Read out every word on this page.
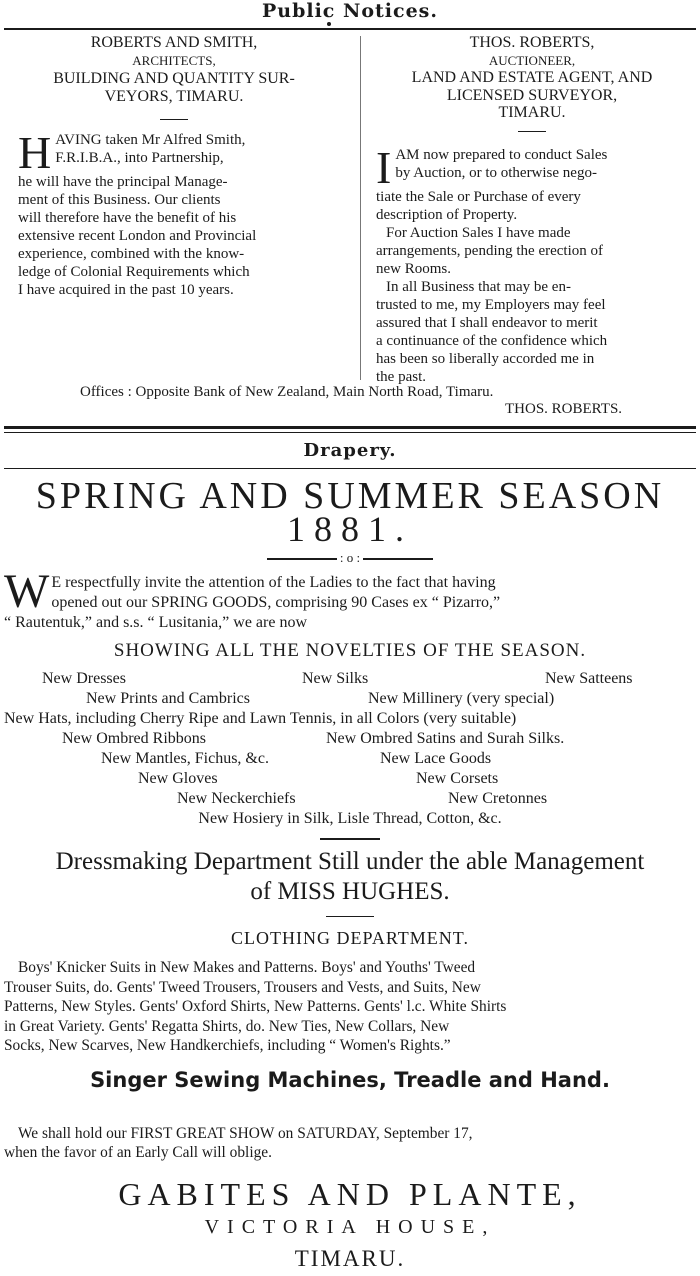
Public Notices.
ROBERTS AND SMITH,
ARCHITECTS,
BUILDING AND QUANTITY SUR-
VEYORS, TIMARU.
H AVING taken Mr Alfred Smith,
F.R.I.B.A., into Partnership,
he will have the principal Manage-
ment of this Business. Our clients
will therefore have the benefit of his
extensive recent London and Provincial
experience, combined with the know-
ledge of Colonial Requirements which
I have acquired in the past 10 years.
THOS. ROBERTS,
AUCTIONEER,
LAND AND ESTATE AGENT, AND
LICENSED SURVEYOR,
TIMARU.
I AM now prepared to conduct Sales
by Auction, or to otherwise nego-
tiate the Sale or Purchase of every
description of Property.
For Auction Sales I have made
arrangements, pending the erection of
new Rooms.
In all Business that may be en-
trusted to me, my Employers may feel
assured that I shall endeavor to merit
a continuance of the confidence which
has been so liberally accorded me in
the past.
Offices : Opposite Bank of New Zealand, Main North Road, Timaru.
THOS. ROBERTS.
Drapery.
SPRING AND SUMMER SEASON
1881.
: o :
W E respectfully invite the attention of the Ladies to the fact that having
opened out our SPRING GOODS, comprising 90 Cases ex “ Pizarro,”
“ Rautentuk,” and s.s. “ Lusitania,” we are now
SHOWING ALL THE NOVELTIES OF THE SEASON.
New Dresses	New Silks	New Satteens
New Prints and Cambrics	New Millinery (very special)
New Hats, including Cherry Ripe and Lawn Tennis, in all Colors (very suitable)
New Ombred Ribbons	New Ombred Satins and Surah Silks.
New Mantles, Fichus, &c.	New Lace Goods
New Gloves	New Corsets
New Neckerchiefs	New Cretonnes
New Hosiery in Silk, Lisle Thread, Cotton, &c.
Dressmaking Department Still under the able Management
of MISS HUGHES.
CLOTHING DEPARTMENT.
Boys' Knicker Suits in New Makes and Patterns. Boys' and Youths' Tweed
Trouser Suits, do. Gents' Tweed Trousers, Trousers and Vests, and Suits, New
Patterns, New Styles. Gents' Oxford Shirts, New Patterns. Gents' l.c. White Shirts
in Great Variety. Gents' Regatta Shirts, do. New Ties, New Collars, New
Socks, New Scarves, New Handkerchiefs, including “ Women's Rights.”
Singer Sewing Machines, Treadle and Hand.
We shall hold our FIRST GREAT SHOW on SATURDAY, September 17,
when the favor of an Early Call will oblige.
GABITES AND PLANTE,
VICTORIA HOUSE,
TIMARU.
